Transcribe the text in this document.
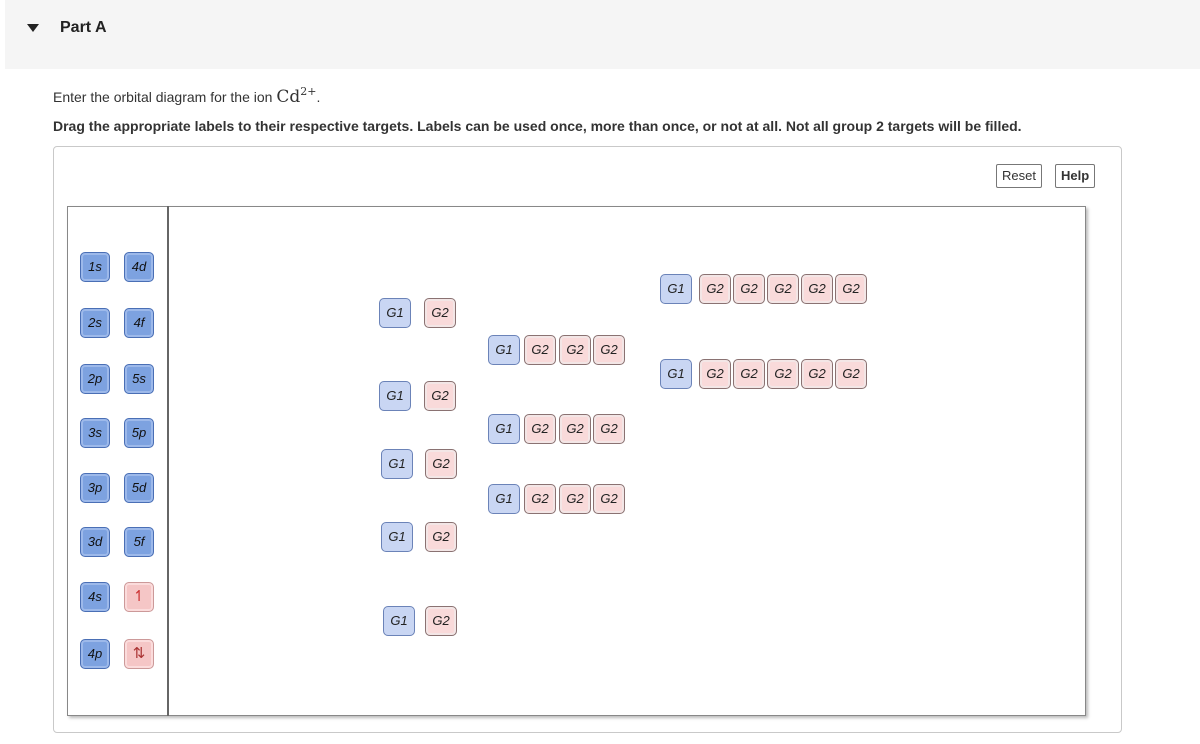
Part A
Enter the orbital diagram for the ion $Cd^{2+}$.
Drag the appropriate labels to their respective targets. Labels can be used once, more than once, or not at all. Not all group 2 targets will be filled.
Reset	Help
1s
2s
2p
3s
3p
3d
4s
4p
4d
4f
5s
5p
5d
5f
↿
⇅
G1	G2
G1	G2
G1	G2
G1	G2
G1	G2
G1	G2	G2	G2
G1	G2	G2	G2
G1	G2	G2	G2
G1	G2	G2	G2	G2	G2
G1	G2	G2	G2	G2	G2
